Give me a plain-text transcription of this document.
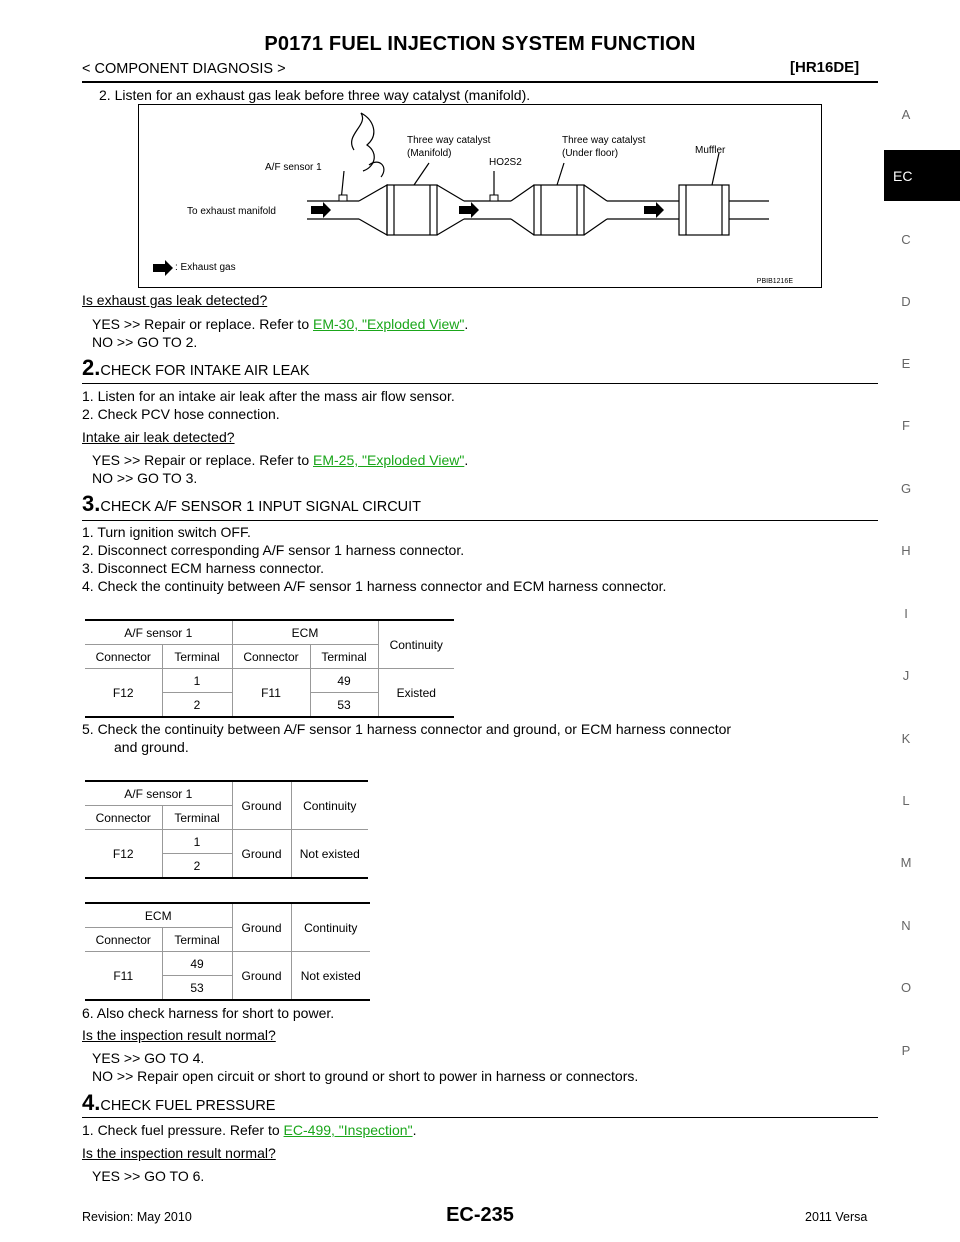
P0171 FUEL INJECTION SYSTEM FUNCTION
< COMPONENT DIAGNOSIS >	[HR16DE]
A
C
D
E
F
G
H
I
J
K
L
M
N
O
P
EC
2. Listen for an exhaust gas leak before three way catalyst (manifold).
A/F sensor 1
To exhaust manifold
Three way catalyst
(Manifold)
HO2S2
Three way catalyst
(Under floor)	Muffler
: Exhaust gas
PBIB1216E
Is exhaust gas leak detected?
YES >> Repair or replace. Refer to EM-30, "Exploded View".
NO >> GO TO 2.
2.CHECK FOR INTAKE AIR LEAK
1. Listen for an intake air leak after the mass air flow sensor.
2. Check PCV hose connection.
Intake air leak detected?
YES >> Repair or replace. Refer to EM-25, "Exploded View".
NO >> GO TO 3.
3.CHECK A/F SENSOR 1 INPUT SIGNAL CIRCUIT
1. Turn ignition switch OFF.
2. Disconnect corresponding A/F sensor 1 harness connector.
3. Disconnect ECM harness connector.
4. Check the continuity between A/F sensor 1 harness connector and ECM harness connector.
A/F sensor 1		ECM		Continuity
Connector	Terminal	Connector	Terminal	
F12	1	F11	49	Existed
	2		53	
5. Check the continuity between A/F sensor 1 harness connector and ground, or ECM harness connector
and ground.
A/F sensor 1		Ground	Continuity
Connector	Terminal		
F12	1	Ground	Not existed
	2		
ECM		Ground	Continuity
Connector	Terminal		
F11	49	Ground	Not existed
	53		
6. Also check harness for short to power.
Is the inspection result normal?
YES >> GO TO 4.
NO >> Repair open circuit or short to ground or short to power in harness or connectors.
4.CHECK FUEL PRESSURE
1. Check fuel pressure. Refer to EC-499, "Inspection".
Is the inspection result normal?
YES >> GO TO 6.
Revision: May 2010	EC-235	2011 Versa
